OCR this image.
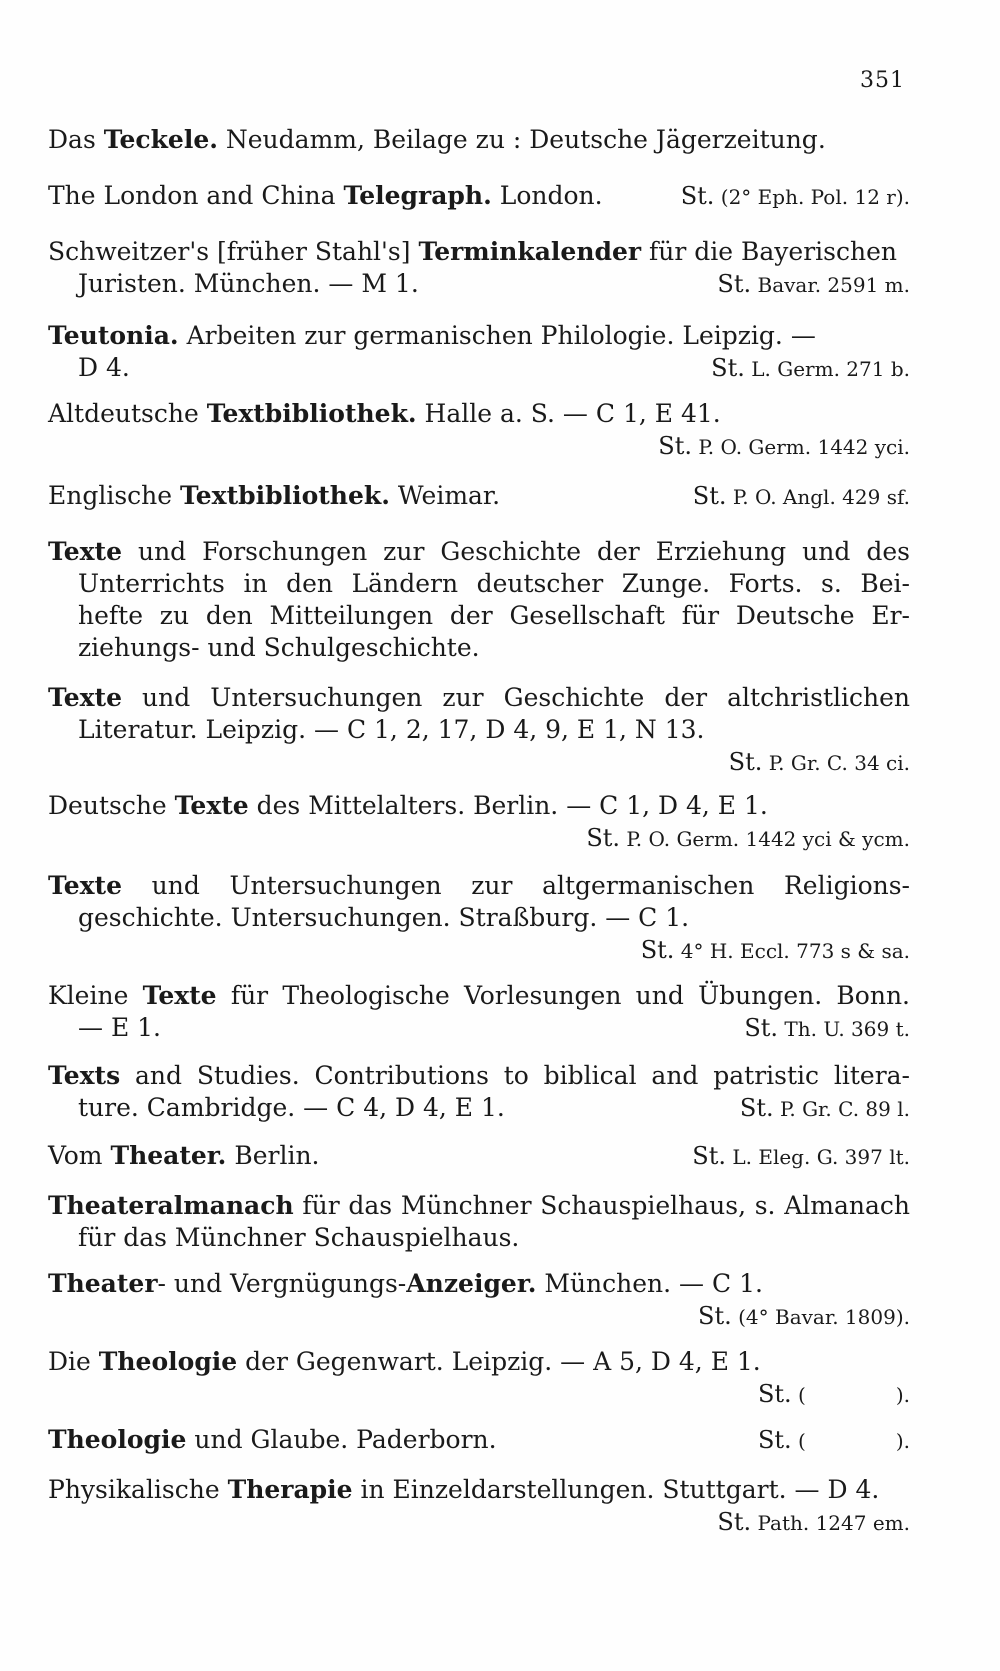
351
Das Teckele. Neudamm, Beilage zu : Deutsche Jägerzeitung.
The London and China Telegraph. London.	St. (2° Eph. Pol. 12 r).
Schweitzer's [früher Stahl's] Terminkalender für die Bayerischen
Juristen. München. — M 1.	St. Bavar. 2591 m.
Teutonia. Arbeiten zur germanischen Philologie. Leipzig. —
D 4.	St. L. Germ. 271 b.
Altdeutsche Textbibliothek. Halle a. S. — C 1, E 41.
St. P. O. Germ. 1442 yci.
Englische Textbibliothek. Weimar.	St. P. O. Angl. 429 sf.
Texte und Forschungen zur Geschichte der Erziehung und des
Unterrichts in den Ländern deutscher Zunge. Forts. s. Bei-
hefte zu den Mitteilungen der Gesellschaft für Deutsche Er-
ziehungs- und Schulgeschichte.
Texte und Untersuchungen zur Geschichte der altchristlichen
Literatur. Leipzig. — C 1, 2, 17, D 4, 9, E 1, N 13.
St. P. Gr. C. 34 ci.
Deutsche Texte des Mittelalters. Berlin. — C 1, D 4, E 1.
St. P. O. Germ. 1442 yci & ycm.
Texte und Untersuchungen zur altgermanischen Religions-
geschichte. Untersuchungen. Straßburg. — C 1.
St. 4° H. Eccl. 773 s & sa.
Kleine Texte für Theologische Vorlesungen und Übungen. Bonn.
— E 1.	St. Th. U. 369 t.
Texts and Studies. Contributions to biblical and patristic litera-
ture. Cambridge. — C 4, D 4, E 1.	St. P. Gr. C. 89 l.
Vom Theater. Berlin.	St. L. Eleg. G. 397 lt.
Theateralmanach für das Münchner Schauspielhaus, s. Almanach
für das Münchner Schauspielhaus.
Theater- und Vergnügungs-Anzeiger. München. — C 1.
St. (4° Bavar. 1809).
Die Theologie der Gegenwart. Leipzig. — A 5, D 4, E 1.
St. (	).
Theologie und Glaube. Paderborn.	St. (	).
Physikalische Therapie in Einzeldarstellungen. Stuttgart. — D 4.
St. Path. 1247 em.
